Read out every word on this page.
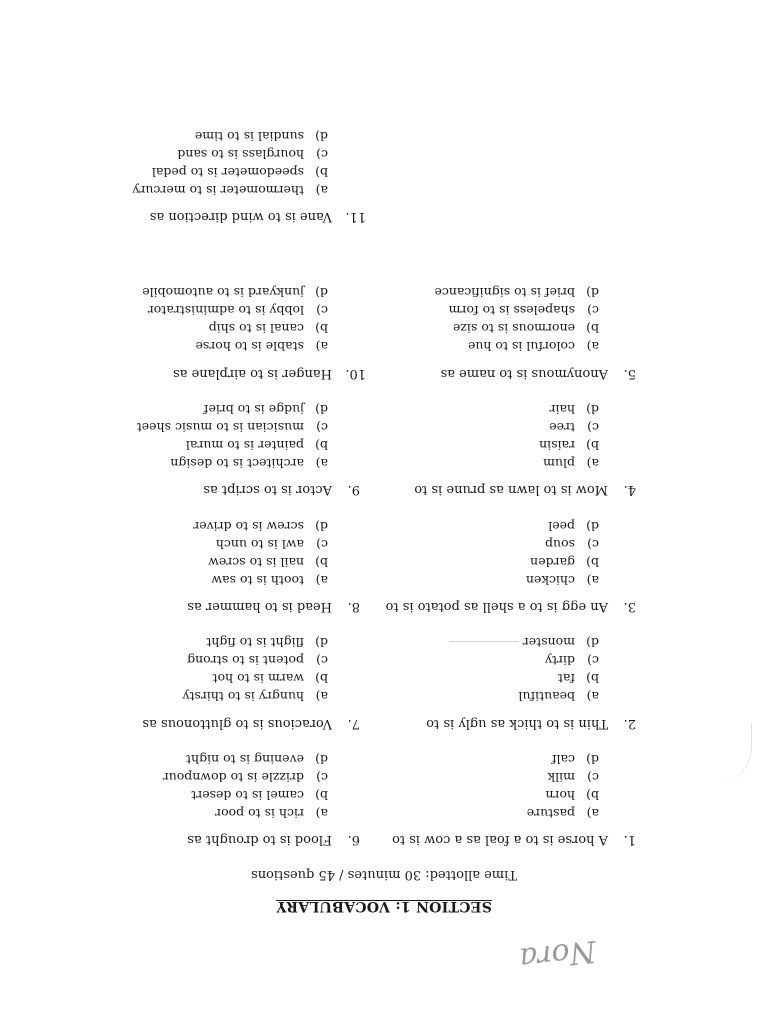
Nora
SECTION 1: VOCABULARY
Time allotted: 30 minutes / 45 questions
1.A horse is to a foal as a cow is to
a)pasture
b)horn
c)milk
d)calf
2.Thin is to thick as ugly is to
a)beautiful
b)fat
c)dirty
d)monster
3.An egg is to a shell as potato is to
a)chicken
b)garden
c)soup
d)peel
4.Mow is to lawn as prune is to
a)plum
b)raisin
c)tree
d)hair
5.Anonymous is to name as
a)colorful is to hue
b)enormous is to size
c)shapeless is to form
d)brief is to significance
6.Flood is to drought as
a)rich is to poor
b)camel is to desert
c)drizzle is to downpour
d)evening is to night
7.Voracious is to gluttonous as
a)hungry is to thirsty
b)warm is to hot
c)potent is to strong
d)flight is to fight
8.Head is to hammer as
a)tooth is to saw
b)nail is to screw
c)awl is to unch
d)screw is to driver
9.Actor is to script as
a)architect is to design
b)painter is to mural
c)musician is to music sheet
d)judge is to brief
10.Hanger is to airplane as
a)stable is to horse
b)canal is to ship
c)lobby is to administrator
d)junkyard is to automobile
11.Vane is to wind direction as
a)thermometer is to mercury
b)speedometer is to pedal
c)hourglass is to sand
d)sundial is to time
